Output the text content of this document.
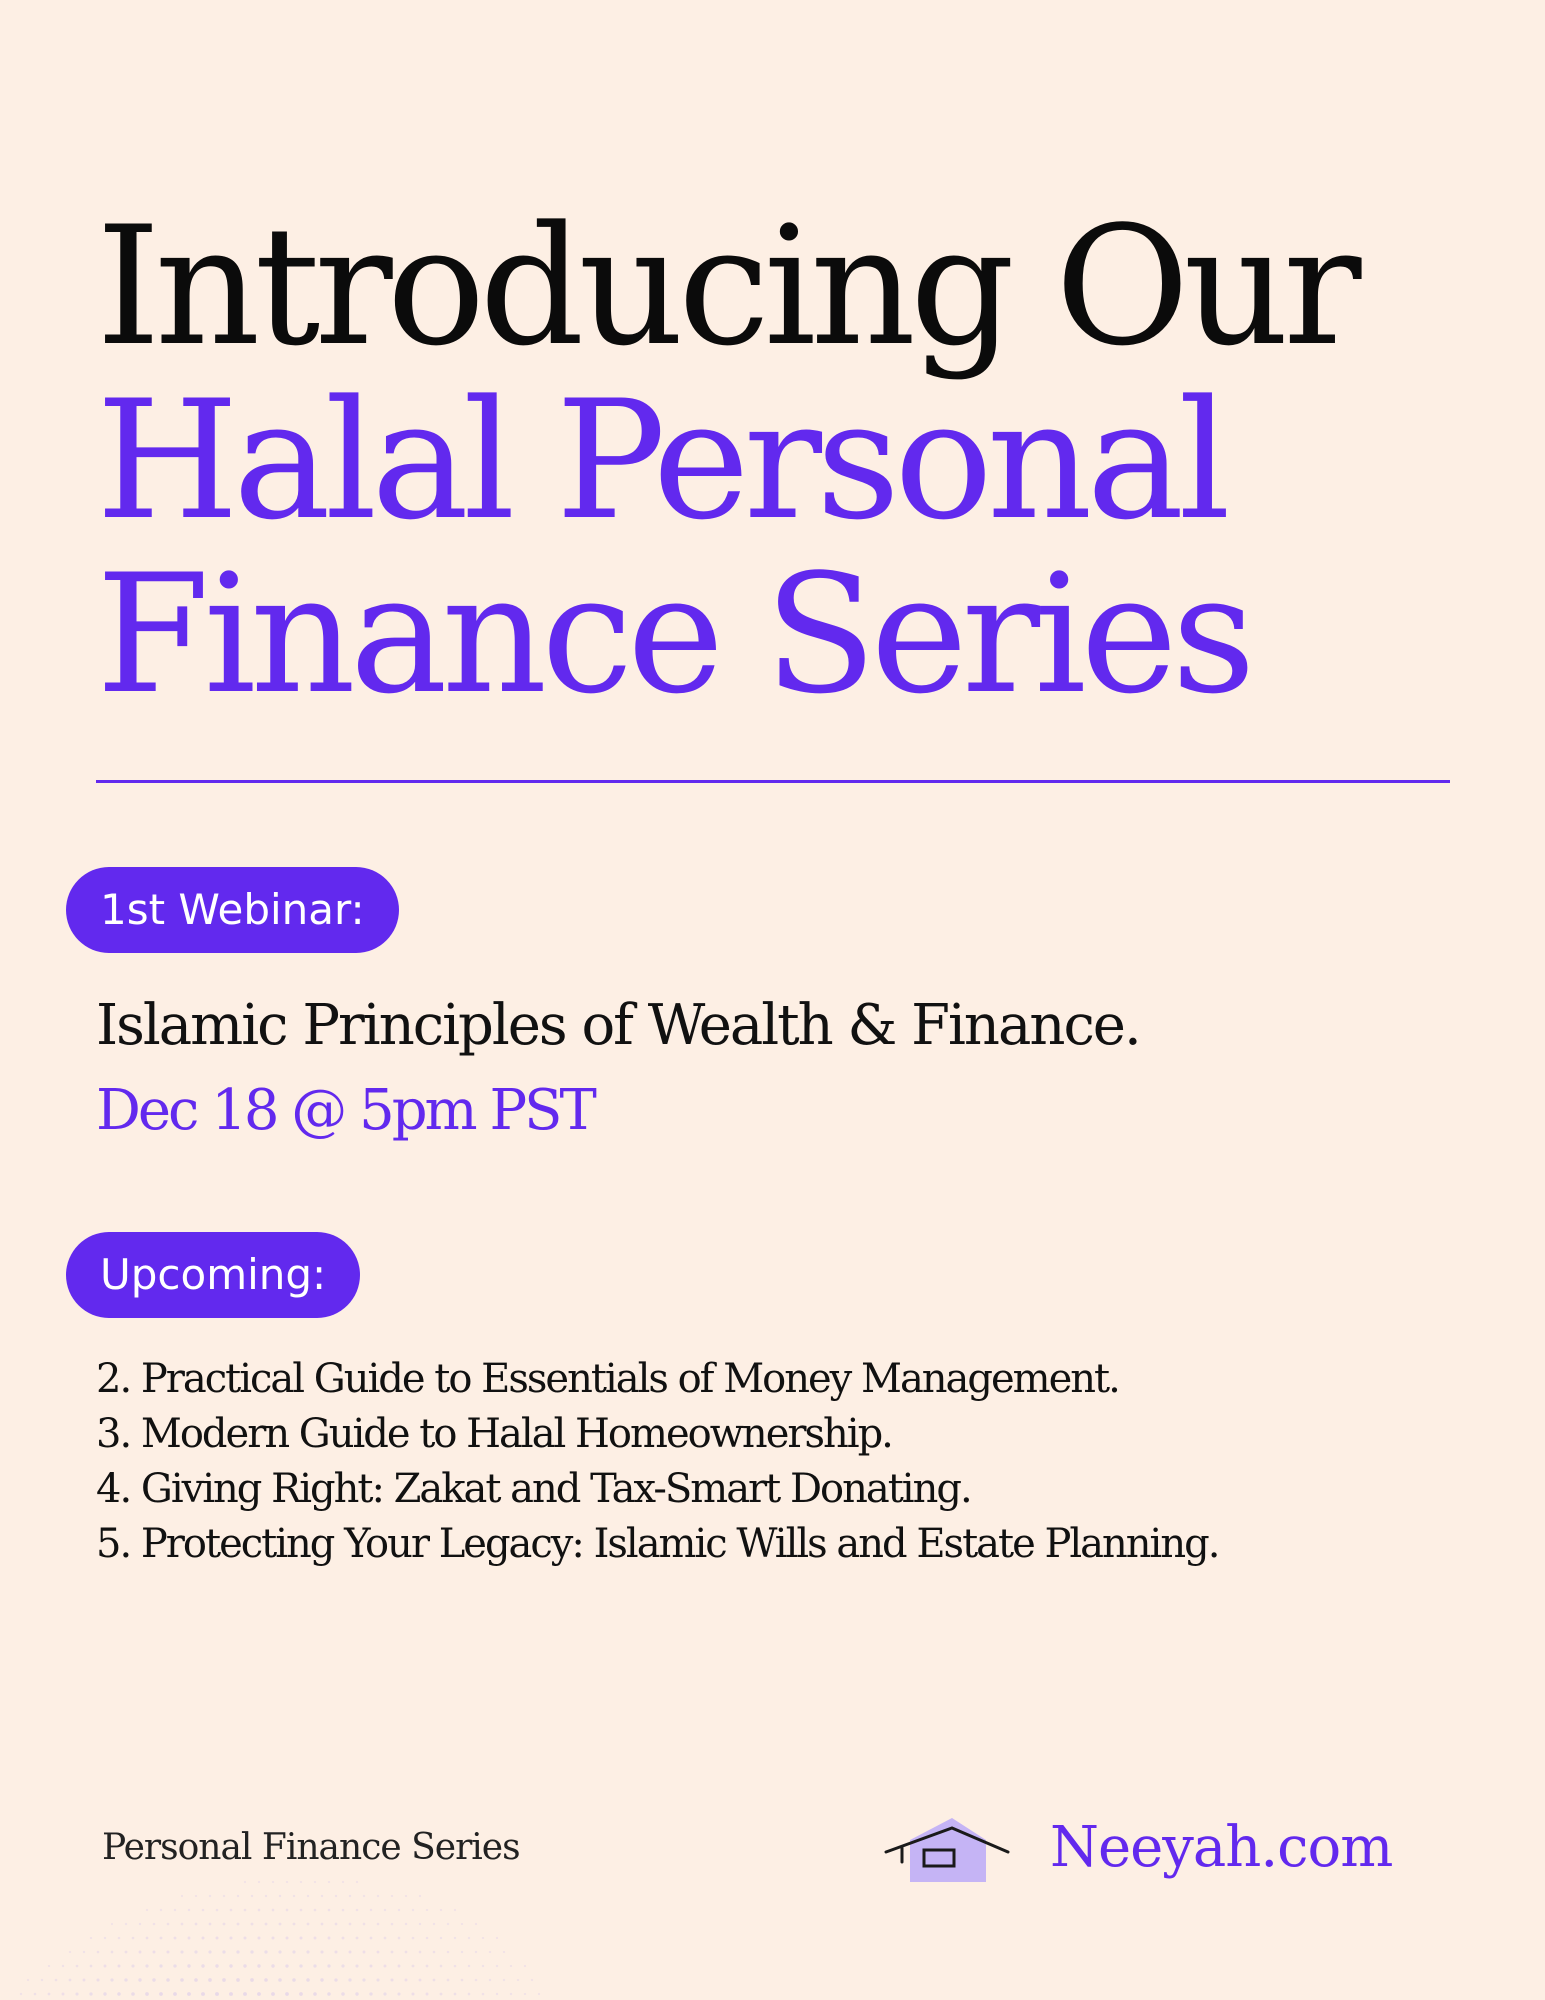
Introducing Our
Halal Personal
Finance Series
1st Webinar:
Islamic Principles of Wealth & Finance.
Dec 18 @ 5pm PST
Upcoming:
2. Practical Guide to Essentials of Money Management.
3. Modern Guide to Halal Homeownership.
4. Giving Right: Zakat and Tax-Smart Donating.
5. Protecting Your Legacy: Islamic Wills and Estate Planning.
Personal Finance Series	Neeyah.com
